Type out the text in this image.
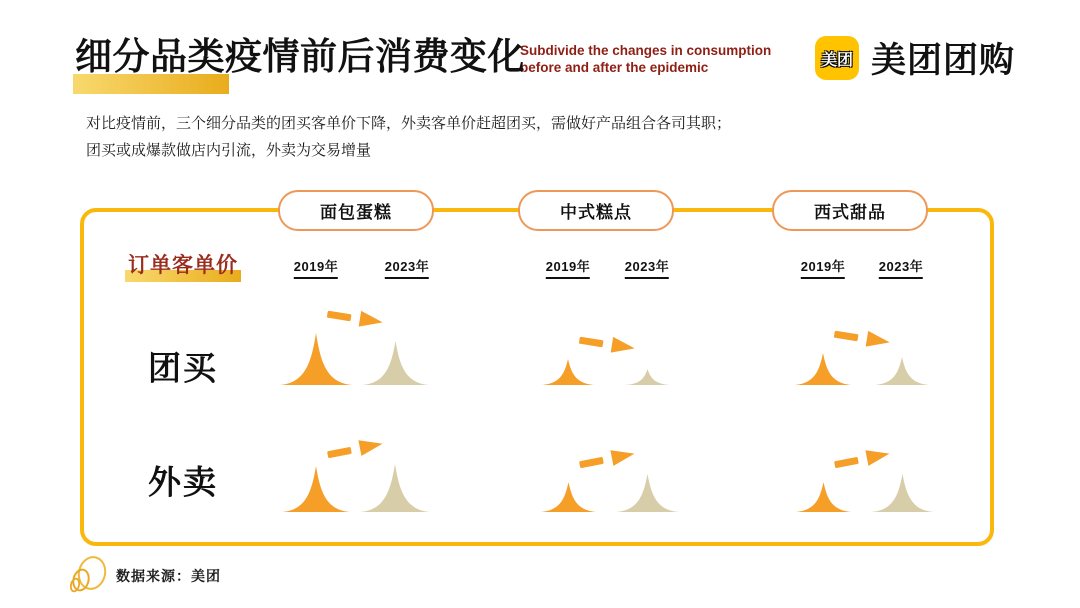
细分品类疫情前后消费变化
Subdivide the changes in consumption
before and after the epidemic	美团 美团团购

对比疫情前，三个细分品类的团买客单价下降，外卖客单价赶超团买，需做好产品组合各司其职；
团买或成爆款做店内引流，外卖为交易增量

面包蛋糕	中式糕点	西式甜品
订单客单价	2019年	2023年	2019年	2023年	2019年	2023年
团买
外卖
数据来源：美团
